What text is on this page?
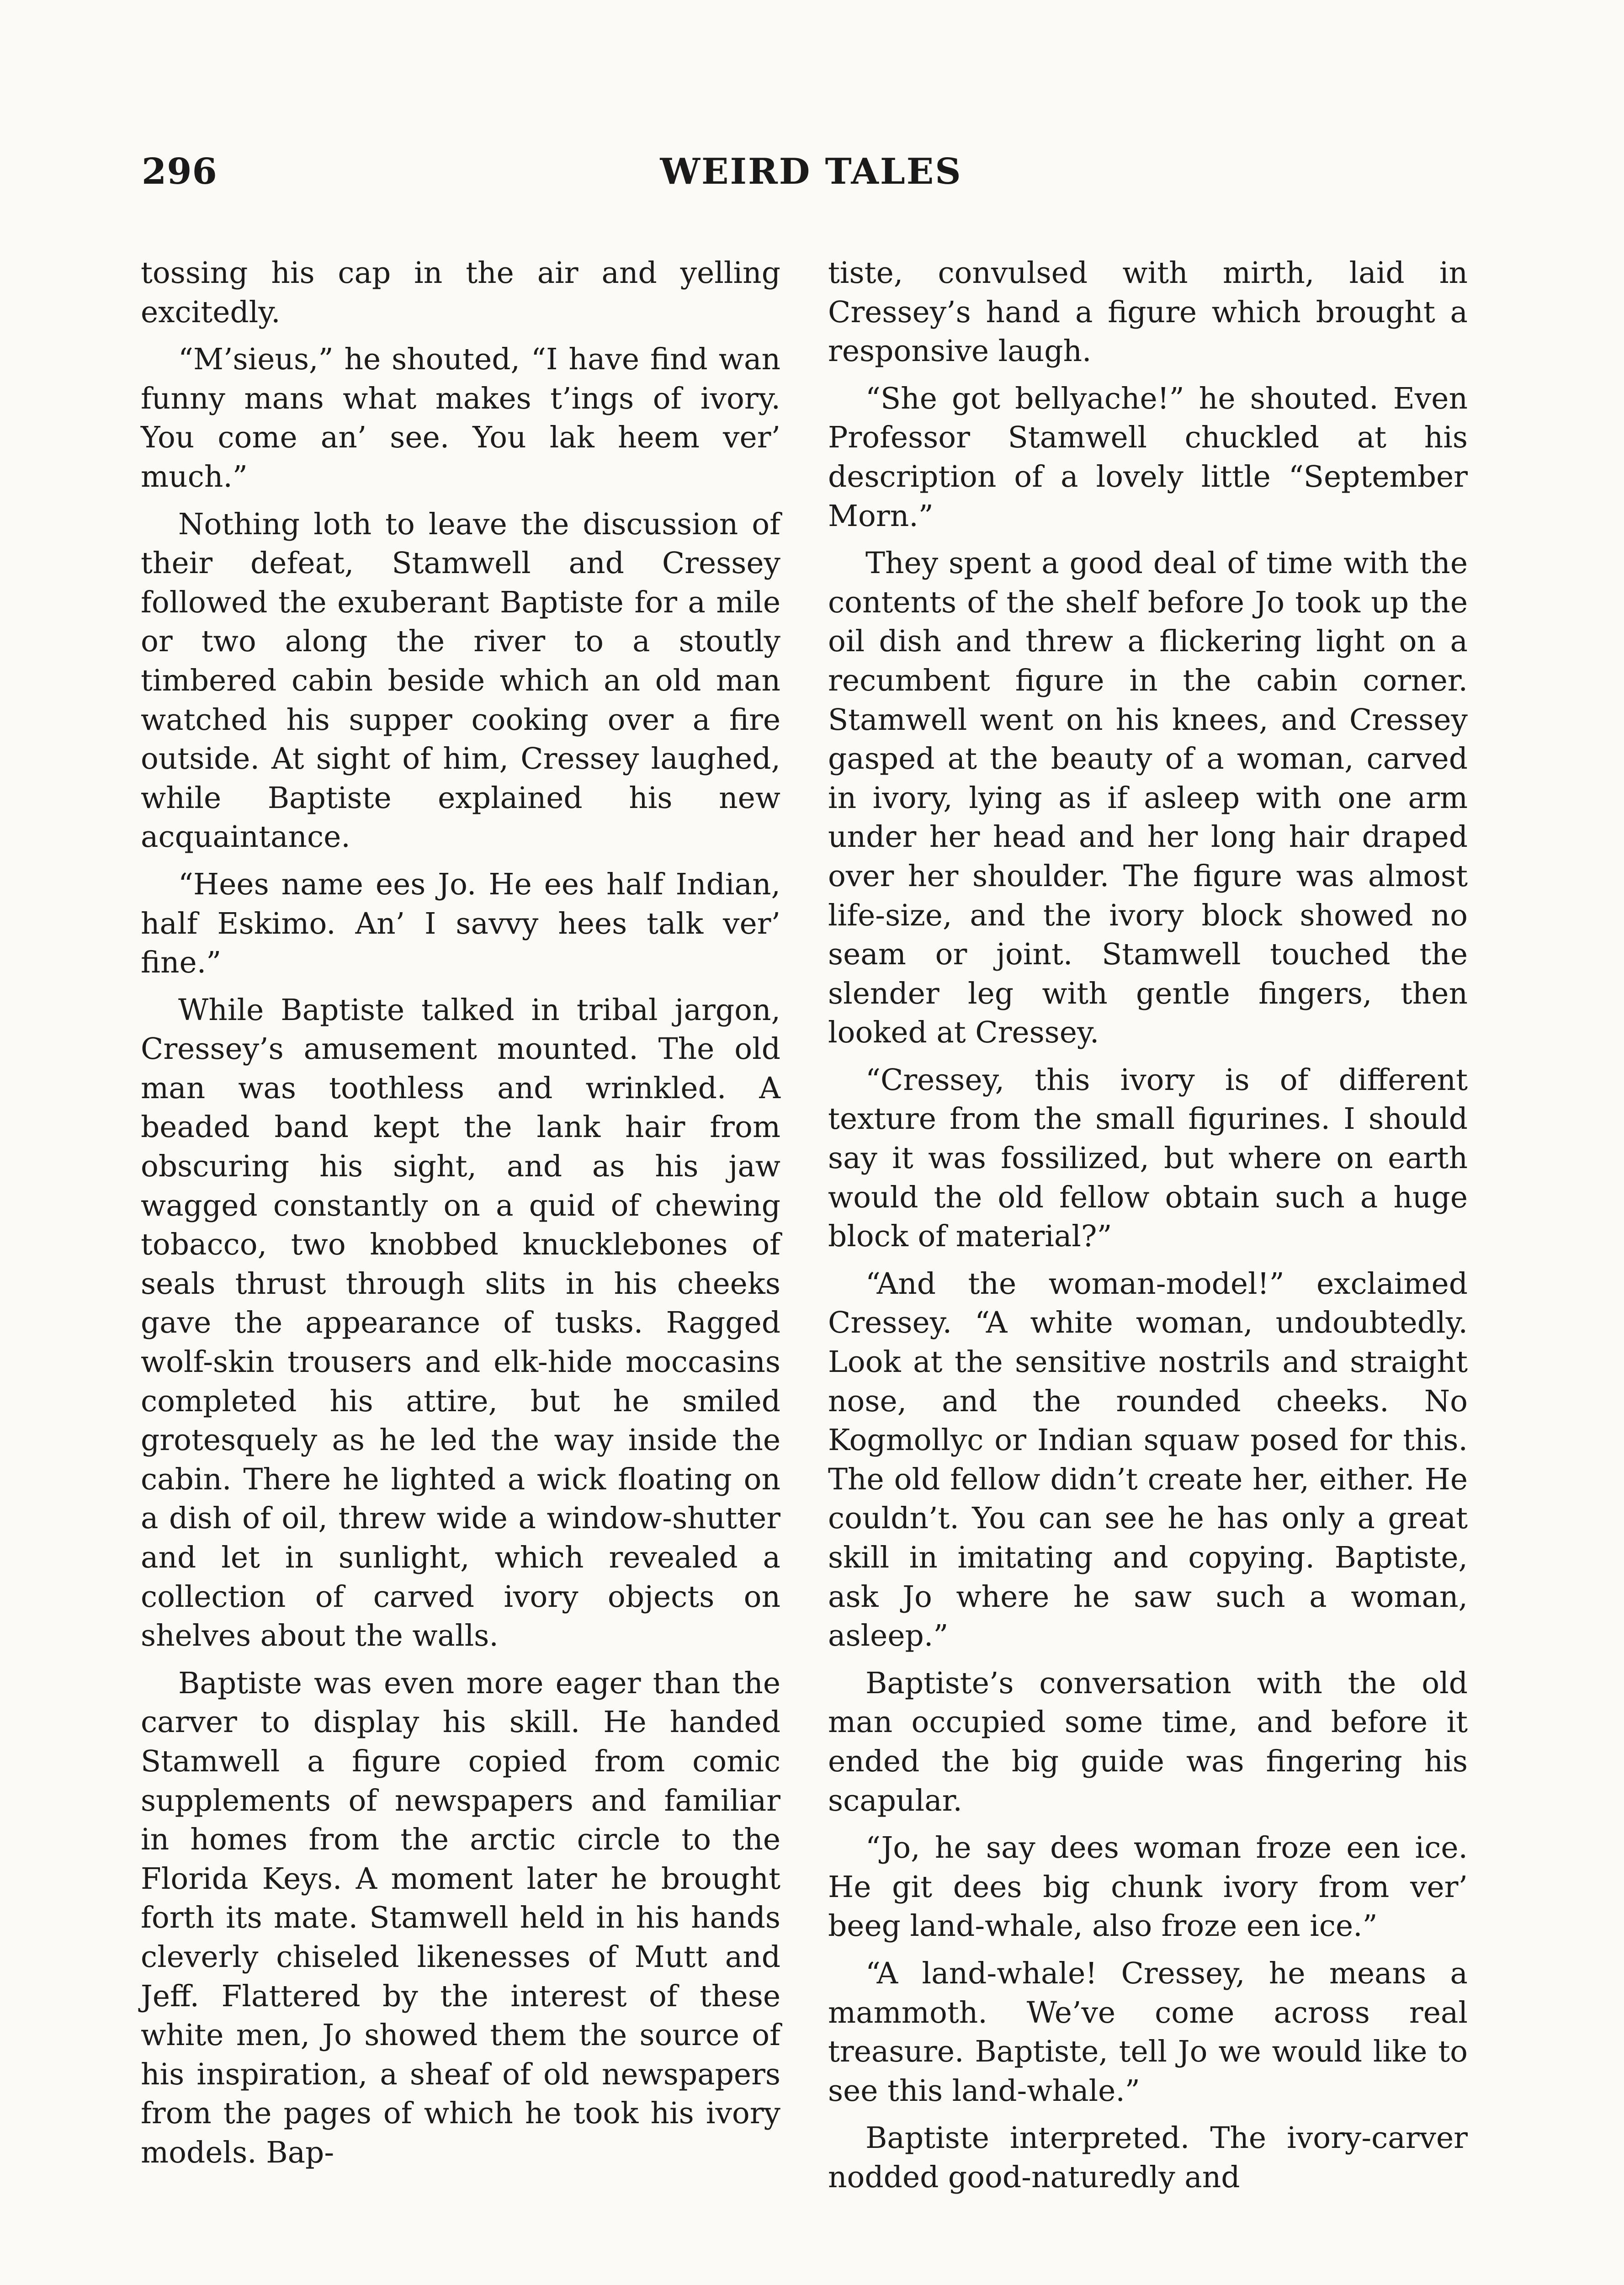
296	WEIRD TALES

tossing his cap in the air and yelling excitedly.

“M’sieus,” he shouted, “I have find wan funny mans what makes t’ings of ivory. You come an’ see. You lak heem ver’ much.”

Nothing loth to leave the discussion of their defeat, Stamwell and Cressey followed the exuberant Baptiste for a mile or two along the river to a stoutly timbered cabin beside which an old man watched his supper cooking over a fire outside. At sight of him, Cressey laughed, while Baptiste explained his new acquaintance.

“Hees name ees Jo. He ees half Indian, half Eskimo. An’ I savvy hees talk ver’ fine.”

While Baptiste talked in tribal jargon, Cressey’s amusement mounted. The old man was toothless and wrinkled. A beaded band kept the lank hair from obscuring his sight, and as his jaw wagged constantly on a quid of chewing tobacco, two knobbed knucklebones of seals thrust through slits in his cheeks gave the appearance of tusks. Ragged wolf-skin trousers and elk-hide moccasins completed his attire, but he smiled grotesquely as he led the way inside the cabin. There he lighted a wick floating on a dish of oil, threw wide a window-shutter and let in sunlight, which revealed a collection of carved ivory objects on shelves about the walls.

Baptiste was even more eager than the carver to display his skill. He handed Stamwell a figure copied from comic supplements of newspapers and familiar in homes from the arctic circle to the Florida Keys. A moment later he brought forth its mate. Stamwell held in his hands cleverly chiseled likenesses of Mutt and Jeff. Flattered by the interest of these white men, Jo showed them the source of his inspiration, a sheaf of old newspapers from the pages of which he took his ivory models. Bap-

tiste, convulsed with mirth, laid in Cressey’s hand a figure which brought a responsive laugh.

“She got bellyache!” he shouted. Even Professor Stamwell chuckled at his description of a lovely little “September Morn.”

They spent a good deal of time with the contents of the shelf before Jo took up the oil dish and threw a flickering light on a recumbent figure in the cabin corner. Stamwell went on his knees, and Cressey gasped at the beauty of a woman, carved in ivory, lying as if asleep with one arm under her head and her long hair draped over her shoulder. The figure was almost life-size, and the ivory block showed no seam or joint. Stamwell touched the slender leg with gentle fingers, then looked at Cressey.

“Cressey, this ivory is of different texture from the small figurines. I should say it was fossilized, but where on earth would the old fellow obtain such a huge block of material?”

“And the woman-model!” exclaimed Cressey. “A white woman, undoubtedly. Look at the sensitive nostrils and straight nose, and the rounded cheeks. No Kogmollyc or Indian squaw posed for this. The old fellow didn’t create her, either. He couldn’t. You can see he has only a great skill in imitating and copying. Baptiste, ask Jo where he saw such a woman, asleep.”

Baptiste’s conversation with the old man occupied some time, and before it ended the big guide was fingering his scapular.

“Jo, he say dees woman froze een ice. He git dees big chunk ivory from ver’ beeg land-whale, also froze een ice.”

“A land-whale! Cressey, he means a mammoth. We’ve come across real treasure. Baptiste, tell Jo we would like to see this land-whale.”

Baptiste interpreted. The ivory-carver nodded good-naturedly and
